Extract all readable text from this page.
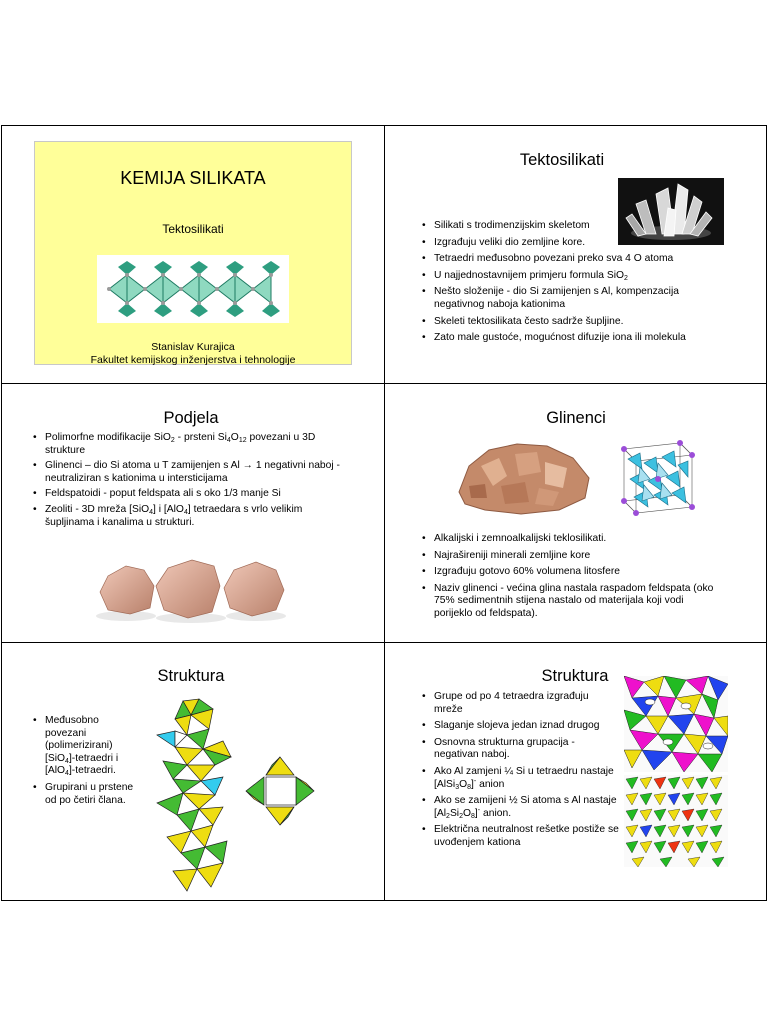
KEMIJA SILIKATA
Tektosilikati
Stanislav Kurajica
Fakultet kemijskog inženjerstva i tehnologije
Tektosilikati
• Silikati s trodimenzijskim skeletom
• Izgrađuju veliki dio zemljine kore.
• Tetraedri međusobno povezani preko sva 4 O atoma
• U najjednostavnijem primjeru formula SiO$_2$
• Nešto složenije - dio Si zamijenjen s Al, kompenzacija negativnog naboja kationima
• Skeleti tektosilikata često sadrže šupljine.
• Zato male gustoće, mogućnost difuzije iona ili molekula
Podjela
• Polimorfne modifikacije SiO$_2$ - prsteni $Si_4O_{12}$ povezani u 3D strukture
• Glinenci – dio Si atoma u T zamijenjen s Al → 1 negativni naboj - neutraliziran s kationima u intersticijama
• Feldspatoidi - poput feldspata ali s oko 1/3 manje Si
• Zeoliti - 3D mreža [SiO$_4$] i [AlO$_4$] tetraedara s vrlo velikim šupljinama i kanalima u strukturi.
Glinenci
• Alkalijski i zemnoalkalijski teklosilikati.
• Najrašireniji minerali zemljine kore
• Izgrađuju gotovo 60% volumena litosfere
• Naziv glinenci - većina glina nastala raspadom feldspata (oko 75% sedimentnih stijena nastalo od materijala koji vodi porijeklo od feldspata).
Struktura
• Međusobno povezani (polimerizirani) [SiO$_4$]-tetraedri i [AlO$_4$]-tetraedri.
• Grupirani u prstene od po četiri člana.
Struktura
• Grupe od po 4 tetraedra izgrađuju mreže
• Slaganje slojeva jedan iznad drugog
• Osnovna strukturna grupacija - negativan naboj.
• Ako Al zamjeni ¼ Si u tetraedru nastaje $[AlSi_3O_8]^-$ anion
• Ako se zamijeni ½ Si atoma s Al nastaje $[Al_2Si_2O_8]^-$ anion.
• Električna neutralnost rešetke postiže se uvođenjem kationa
